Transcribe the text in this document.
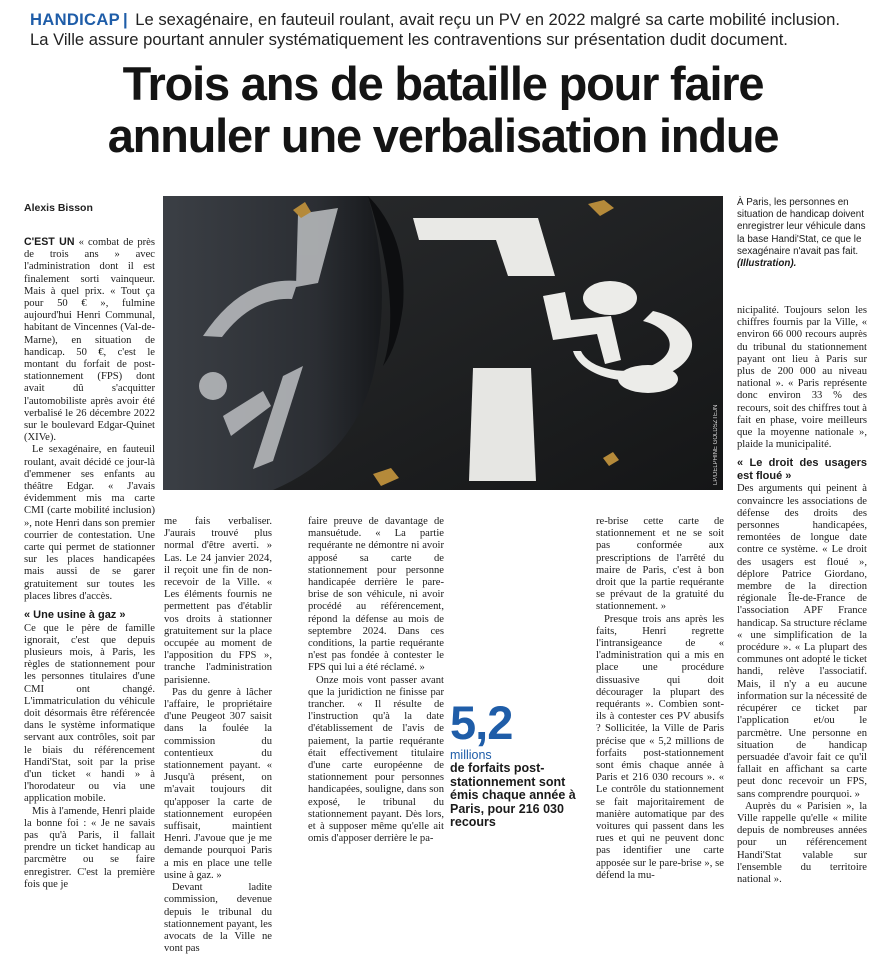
HANDICAP | Le sexagénaire, en fauteuil roulant, avait reçu un PV en 2022 malgré sa carte mobilité inclusion.
La Ville assure pourtant annuler systématiquement les contraventions sur présentation dudit document.
Trois ans de bataille pour faire
annuler une verbalisation indue
Alexis Bisson
LP/DELPHINE GOLDSZTEJN

À Paris, les personnes en situation de handicap doivent enregistrer leur véhicule dans la base Handi'Stat, ce que le sexagénaire n'avait pas fait. (Illustration).

C'EST UN « combat de près de trois ans » avec l'administration dont il est finalement sorti vainqueur. Mais à quel prix. « Tout ça pour 50 € », fulmine aujourd'hui Henri Communal, habitant de Vincennes (Val-de-Marne), en situation de handicap. 50 €, c'est le montant du forfait de post-stationnement (FPS) dont avait dû s'acquitter l'automobiliste après avoir été verbalisé le 26 décembre 2022 sur le boulevard Edgar-Quinet (XIVe).

Le sexagénaire, en fauteuil roulant, avait décidé ce jour-là d'emmener ses enfants au théâtre Edgar. « J'avais évidemment mis ma carte CMI (carte mobilité inclusion) », note Henri dans son premier courrier de contestation. Une carte qui permet de stationner sur les places handicapées mais aussi de se garer gratuitement sur toutes les places libres d'accès.

« Une usine à gaz »

Ce que le père de famille ignorait, c'est que depuis plusieurs mois, à Paris, les règles de stationnement pour les personnes titulaires d'une CMI ont changé. L'immatriculation du véhicule doit désormais être référencée dans le système informatique servant aux contrôles, soit par le biais du référencement Handi'Stat, soit par la prise d'un ticket « handi » à l'horodateur ou via une application mobile.

Mis à l'amende, Henri plaide la bonne foi : « Je ne savais pas qu'à Paris, il fallait prendre un ticket handicap au parcmètre ou se faire enregistrer. C'est la première fois que je

me fais verbaliser. J'aurais trouvé plus normal d'être averti. » Las. Le 24 janvier 2024, il reçoit une fin de non-recevoir de la Ville. « Les éléments fournis ne permettent pas d'établir vos droits à stationner gratuitement sur la place occupée au moment de l'apposition du FPS », tranche l'administration parisienne.

Pas du genre à lâcher l'affaire, le propriétaire d'une Peugeot 307 saisit dans la foulée la commission du contentieux du stationnement payant. « Jusqu'à présent, on m'avait toujours dit qu'apposer la carte de stationnement européen suffisait, maintient Henri. J'avoue que je me demande pourquoi Paris a mis en place une telle usine à gaz. »

Devant ladite commission, devenue depuis le tribunal du stationnement payant, les avocats de la Ville ne vont pas

faire preuve de davantage de mansuétude. « La partie requérante ne démontre ni avoir apposé sa carte de stationnement pour personne handicapée derrière le pare-brise de son véhicule, ni avoir procédé au référencement, répond la défense au mois de septembre 2024. Dans ces conditions, la partie requérante n'est pas fondée à contester le FPS qui lui a été réclamé. »

Onze mois vont passer avant que la juridiction ne finisse par trancher. « Il résulte de l'instruction qu'à la date d'établissement de l'avis de paiement, la partie requérante était effectivement titulaire d'une carte européenne de stationnement pour personnes handicapées, souligne, dans son exposé, le tribunal du stationnement payant. Dès lors, et à supposer même qu'elle ait omis d'apposer derrière le pa-

5,2
millions

de forfaits post-stationnement sont émis chaque année à Paris, pour 216 030 recours

re-brise cette carte de stationnement et ne se soit pas conformée aux prescriptions de l'arrêté du maire de Paris, c'est à bon droit que la partie requérante se prévaut de la gratuité du stationnement. »

Presque trois ans après les faits, Henri regrette l'intransigeance de « l'administration qui a mis en place une procédure dissuasive qui doit décourager la plupart des requérants ». Combien sont-ils à contester ces PV abusifs ? Sollicitée, la Ville de Paris précise que « 5,2 millions de forfaits post-stationnement sont émis chaque année à Paris et 216 030 recours ». « Le contrôle du stationnement se fait majoritairement de manière automatique par des voitures qui passent dans les rues et qui ne peuvent donc pas identifier une carte apposée sur le pare-brise », se défend la mu-

nicipalité. Toujours selon les chiffres fournis par la Ville, « environ 66 000 recours auprès du tribunal du stationnement payant ont lieu à Paris sur plus de 200 000 au niveau national ». « Paris représente donc environ 33 % des recours, soit des chiffres tout à fait en phase, voire meilleurs que la moyenne nationale », plaide la municipalité.

« Le droit des usagers est floué »

Des arguments qui peinent à convaincre les associations de défense des droits des personnes handicapées, remontées de longue date contre ce système. « Le droit des usagers est floué », déplore Patrice Giordano, membre de la direction régionale Île-de-France de l'association APF France handicap. Sa structure réclame « une simplification de la procédure ». « La plupart des communes ont adopté le ticket handi, relève l'associatif. Mais, il n'y a eu aucune information sur la nécessité de récupérer ce ticket par l'application et/ou le parcmètre. Une personne en situation de handicap persuadée d'avoir fait ce qu'il fallait en affichant sa carte peut donc recevoir un FPS, sans comprendre pourquoi. »

Auprès du « Parisien », la Ville rappelle qu'elle « milite depuis de nombreuses années pour un référencement Handi'Stat valable sur l'ensemble du territoire national ».
